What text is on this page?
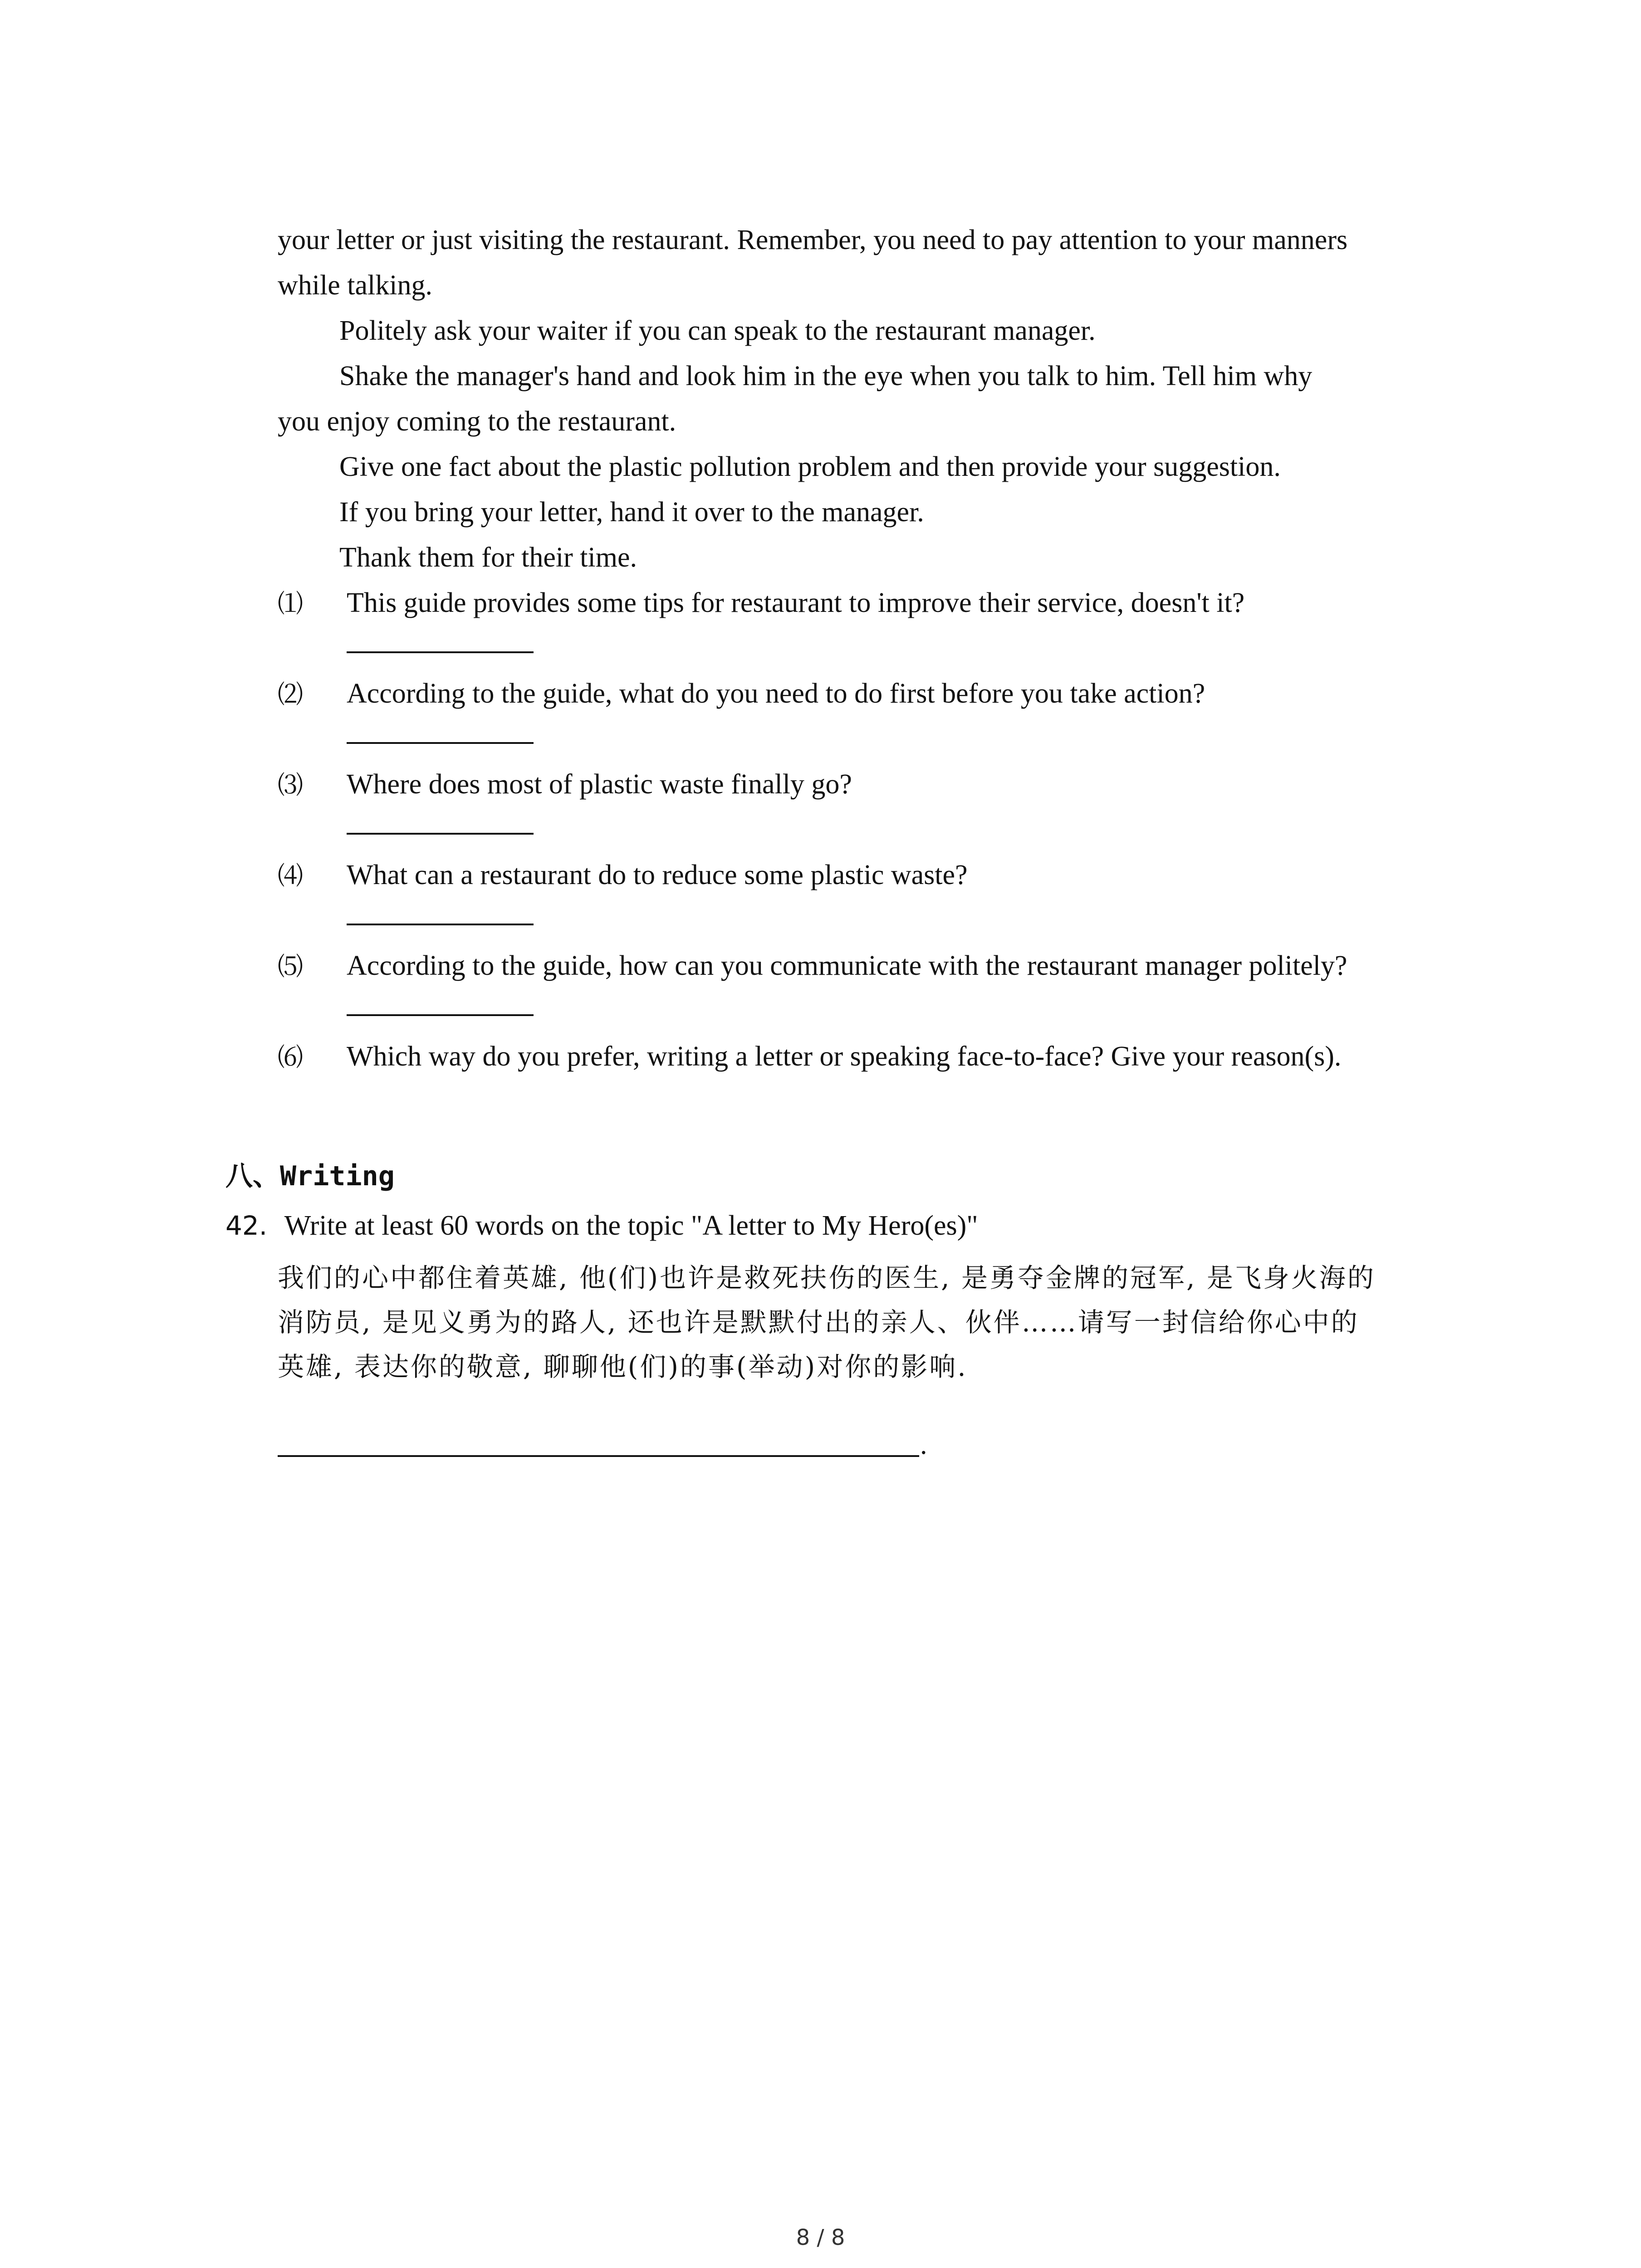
your letter or just visiting the restaurant. Remember, you need to pay attention to your manners
while talking.
Politely ask your waiter if you can speak to the restaurant manager.
Shake the manager's hand and look him in the eye when you talk to him. Tell him why
you enjoy coming to the restaurant.
Give one fact about the plastic pollution problem and then provide your suggestion.
If you bring your letter, hand it over to the manager.
Thank them for their time.
⑴ This guide provides some tips for restaurant to improve their service, doesn't it?
⑵ According to the guide, what do you need to do first before you take action?
⑶ Where does most of plastic waste finally go?
⑷ What can a restaurant do to reduce some plastic waste?
⑸ According to the guide, how can you communicate with the restaurant manager politely?
⑹ Which way do you prefer, writing a letter or speaking face-to-face? Give your reason(s).
八、Writing
42. Write at least 60 words on the topic "A letter to My Hero(es)"
我们的心中都住着英雄, 他(们)也许是救死扶伤的医生, 是勇夺金牌的冠军, 是飞身火海的
消防员, 是见义勇为的路人, 还也许是默默付出的亲人、伙伴……请写一封信给你心中的
英雄, 表达你的敬意, 聊聊他(们)的事(举动)对你的影响.
.
8 / 8
